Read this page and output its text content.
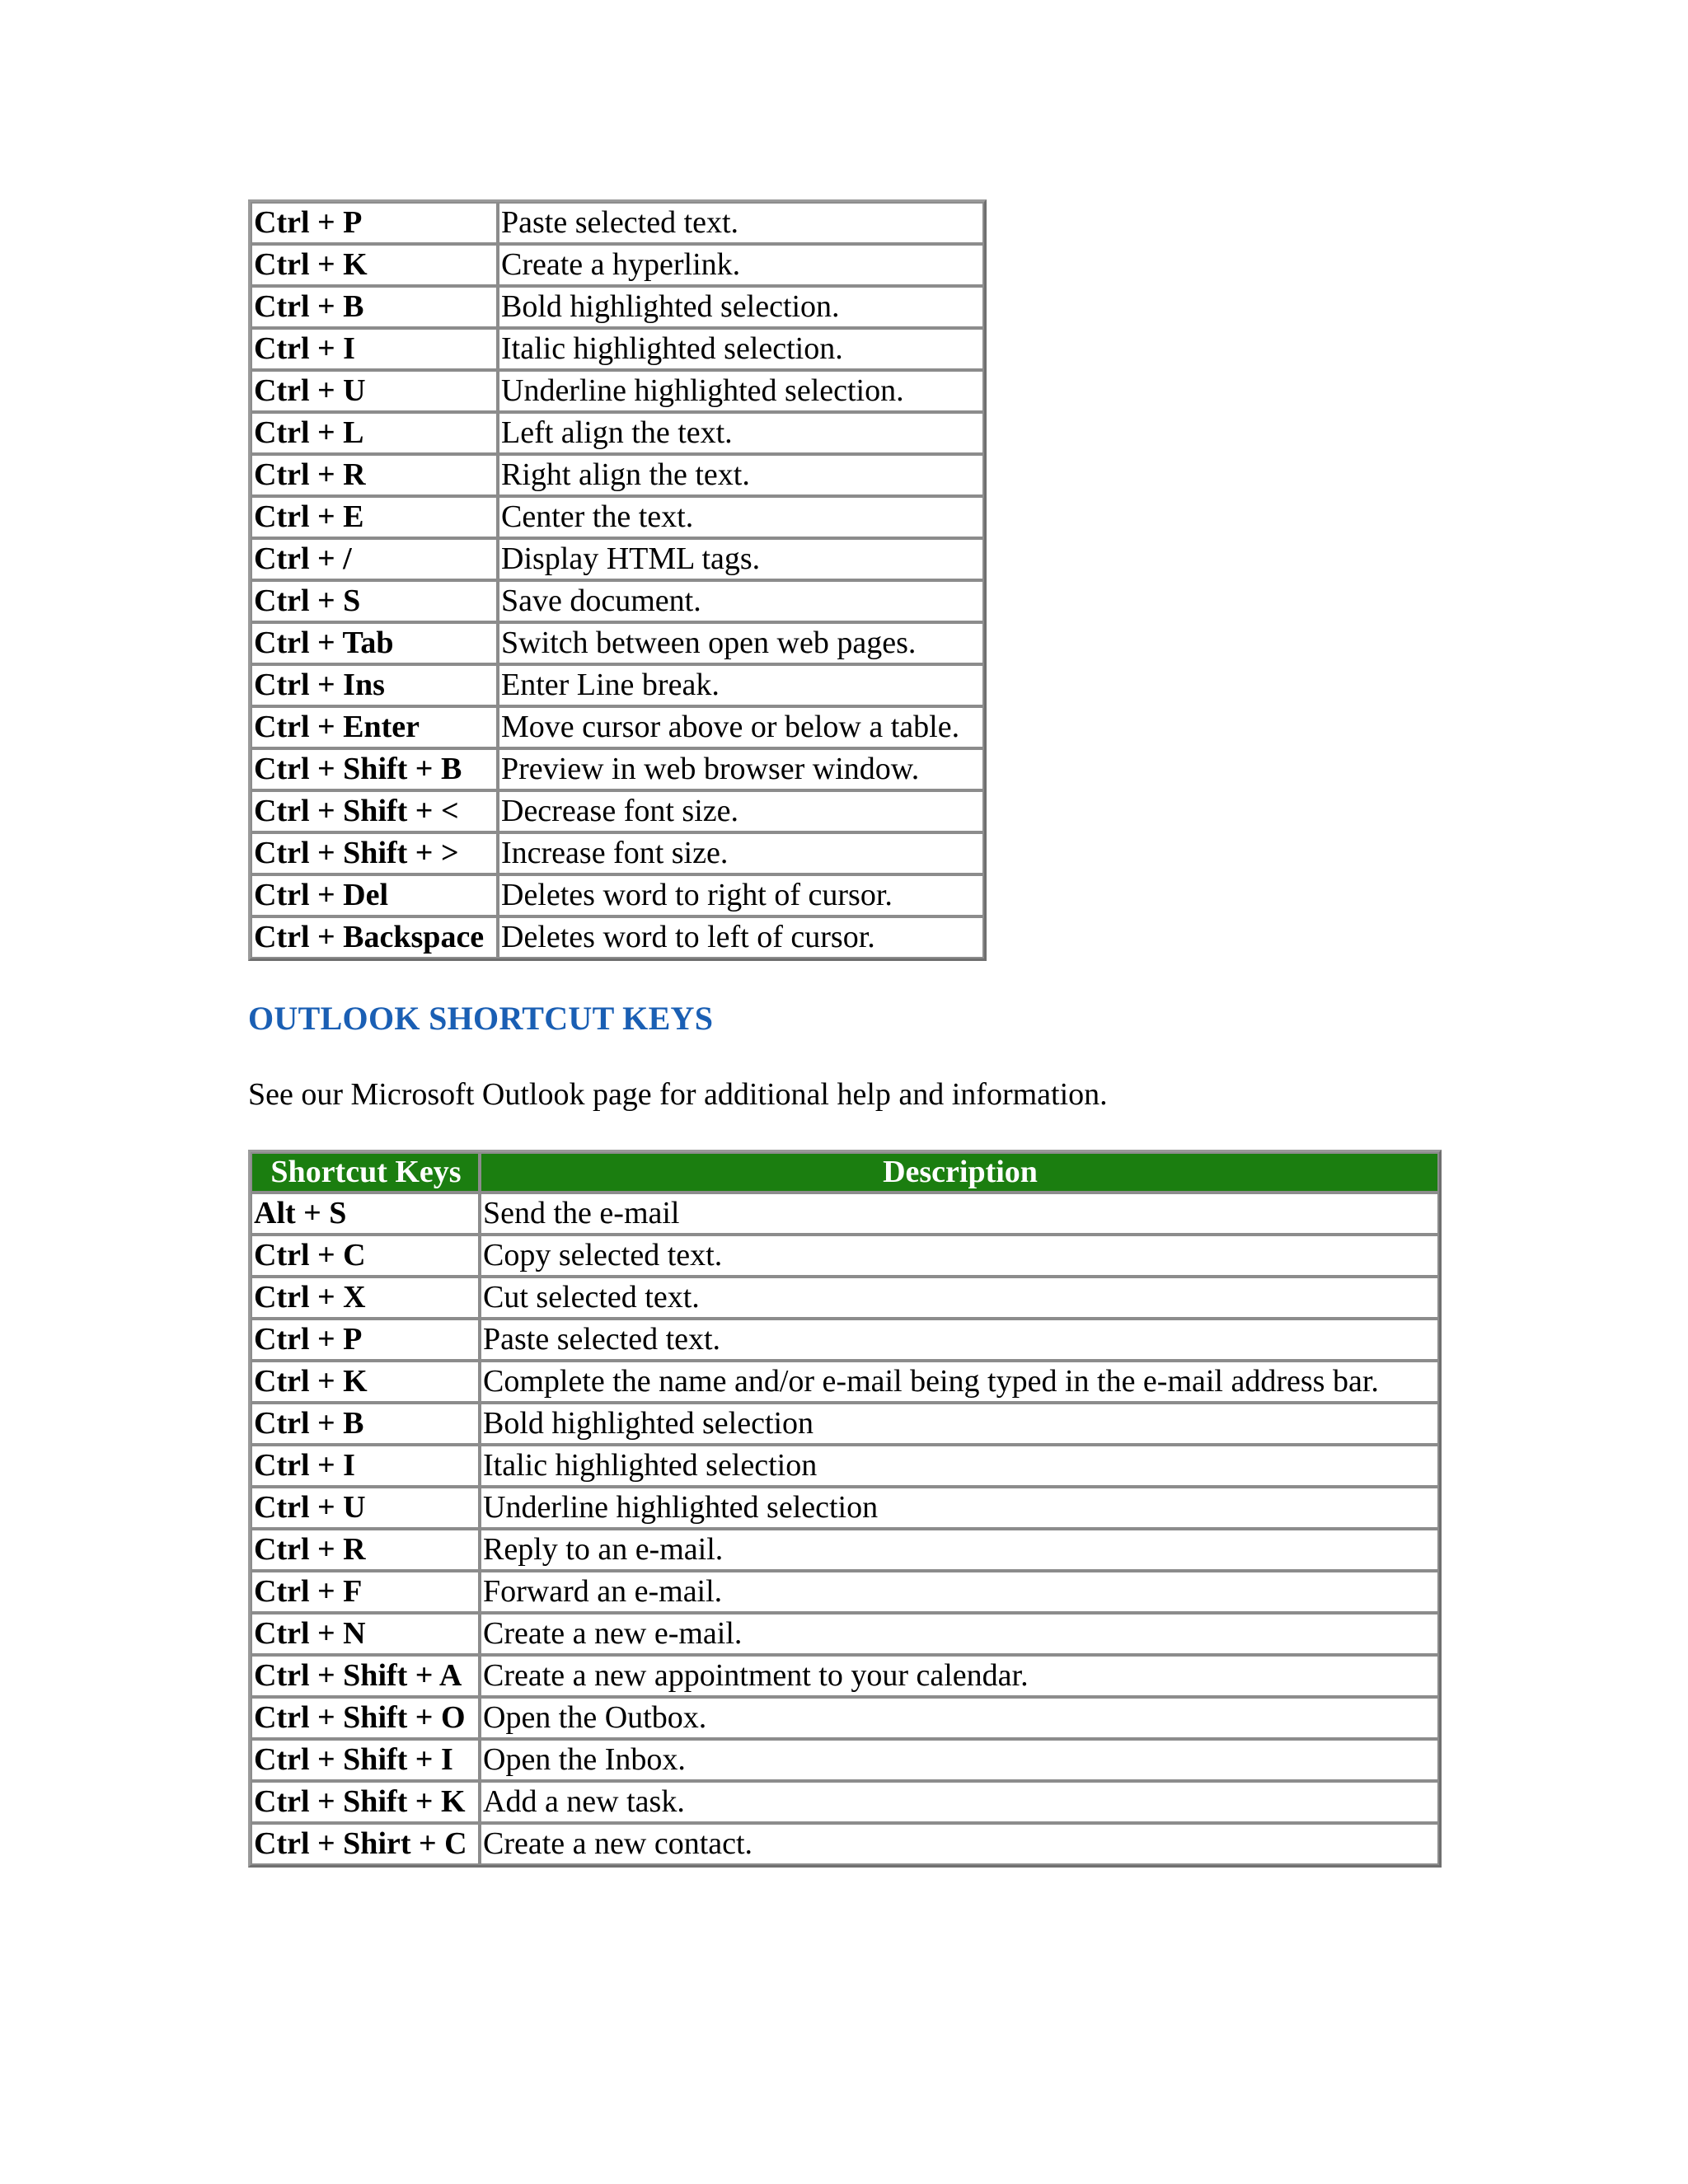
Ctrl + P	Paste selected text.
Ctrl + K	Create a hyperlink.
Ctrl + B	Bold highlighted selection.
Ctrl + I	Italic highlighted selection.
Ctrl + U	Underline highlighted selection.
Ctrl + L	Left align the text.
Ctrl + R	Right align the text.
Ctrl + E	Center the text.
Ctrl + /	Display HTML tags.
Ctrl + S	Save document.
Ctrl + Tab	Switch between open web pages.
Ctrl + Ins	Enter Line break.
Ctrl + Enter	Move cursor above or below a table.
Ctrl + Shift + B	Preview in web browser window.
Ctrl + Shift + <	Decrease font size.
Ctrl + Shift + >	Increase font size.
Ctrl + Del	Deletes word to right of cursor.
Ctrl + Backspace	Deletes word to left of cursor.
OUTLOOK SHORTCUT KEYS

See our Microsoft Outlook page for additional help and information.

Shortcut Keys	Description
Alt + S	Send the e-mail
Ctrl + C	Copy selected text.
Ctrl + X	Cut selected text.
Ctrl + P	Paste selected text.
Ctrl + K	Complete the name and/or e-mail being typed in the e-mail address bar.
Ctrl + B	Bold highlighted selection
Ctrl + I	Italic highlighted selection
Ctrl + U	Underline highlighted selection
Ctrl + R	Reply to an e-mail.
Ctrl + F	Forward an e-mail.
Ctrl + N	Create a new e-mail.
Ctrl + Shift + A	Create a new appointment to your calendar.
Ctrl + Shift + O	Open the Outbox.
Ctrl + Shift + I	Open the Inbox.
Ctrl + Shift + K	Add a new task.
Ctrl + Shirt + C	Create a new contact.
